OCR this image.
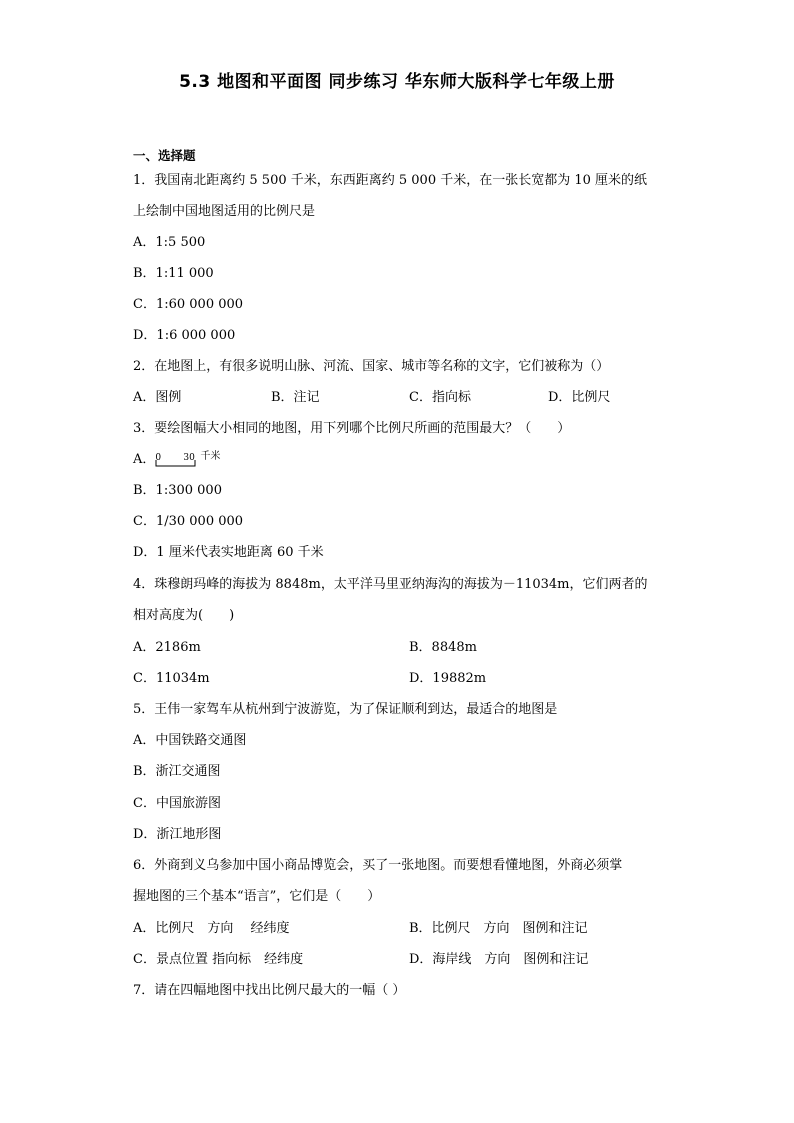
5.3 地图和平面图 同步练习 华东师大版科学七年级上册
一、选择题
1．我国南北距离约 5 500 千米，东西距离约 5 000 千米，在一张长宽都为 10 厘米的纸
上绘制中国地图适用的比例尺是
A．1:5 500
B．1:11 000
C．1:60 000 000
D．1:6 000 000
2．在地图上，有很多说明山脉、河流、国家、城市等名称的文字，它们被称为（）
A．图例	B．注记	C．指向标	D．比例尺
3．要绘图幅大小相同的地图，用下列哪个比例尺所画的范围最大？（　　）
A． 0 30 千米
B．1:300 000
C．1/30 000 000
D．1 厘米代表实地距离 60 千米
4．珠穆朗玛峰的海拔为 8848m，太平洋马里亚纳海沟的海拔为－11034m，它们两者的
相对高度为(　　)
A．2186m	B．8848m
C．11034m	D．19882m
5．王伟一家驾车从杭州到宁波游览，为了保证顺利到达，最适合的地图是
A．中国铁路交通图
B．浙江交通图
C．中国旅游图
D．浙江地形图
6．外商到义乌参加中国小商品博览会，买了一张地图。而要想看懂地图，外商必须掌
握地图的三个基本“语言”，它们是（　　）
A．比例尺　方向　 经纬度	B．比例尺　方向　图例和注记
C．景点位置 指向标　经纬度	D．海岸线　方向　图例和注记
7．请在四幅地图中找出比例尺最大的一幅（ ）
